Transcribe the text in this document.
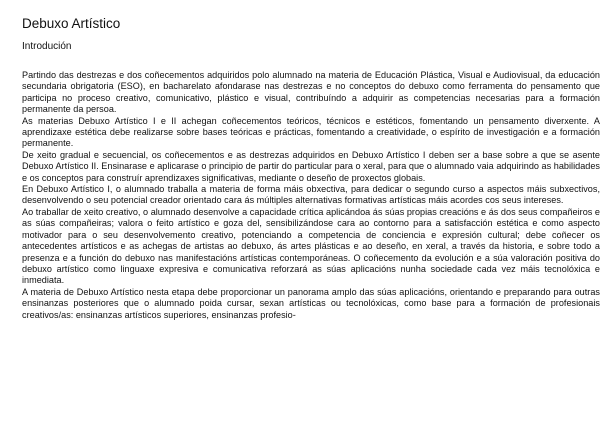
Debuxo Artístico
Introdución

Partindo das destrezas e dos coñecementos adquiridos polo alumnado na materia de Educación Plástica, Visual e Audiovisual, da educación secundaria obrigatoria (ESO), en bacharelato afondarase nas destrezas e no conceptos do debuxo como ferramenta do pensamento que participa no proceso creativo, comunicativo, plástico e visual, contribuíndo a adquirir as competencias necesarias para a formación permanente da persoa.

As materias Debuxo Artístico I e II achegan coñecementos teóricos, técnicos e estéticos, fomentando un pensamento diverxente. A aprendizaxe estética debe realizarse sobre bases teóricas e prácticas, fomentando a creatividade, o espírito de investigación e a formación permanente.

De xeito gradual e secuencial, os coñecementos e as destrezas adquiridos en Debuxo Artístico I deben ser a base sobre a que se asente Debuxo Artístico II. Ensinarase e aplicarase o principio de partir do particular para o xeral, para que o alumnado vaia adquirindo as habilidades e os conceptos para construír aprendizaxes significativas, mediante o deseño de proxectos globais.

En Debuxo Artístico I, o alumnado traballa a materia de forma máis obxectiva, para dedicar o segundo curso a aspectos máis subxectivos, desenvolvendo o seu potencial creador orientado cara ás múltiples alternativas formativas artísticas máis acordes cos seus intereses.

Ao traballar de xeito creativo, o alumnado desenvolve a capacidade crítica aplicándoa ás súas propias creacións e ás dos seus compañeiros e as súas compañeiras; valora o feito artístico e goza del, sensibilizándose cara ao contorno para a satisfacción estética e como aspecto motivador para o seu desenvolvemento creativo, potenciando a competencia de conciencia e expresión cultural; debe coñecer os antecedentes artísticos e as achegas de artistas ao debuxo, ás artes plásticas e ao deseño, en xeral, a través da historia, e sobre todo a presenza e a función do debuxo nas manifestacións artísticas contemporáneas. O coñecemento da evolución e a súa valoración positiva do debuxo artístico como linguaxe expresiva e comunicativa reforzará as súas aplicacións nunha sociedade cada vez máis tecnolóxica e inmediata.

A materia de Debuxo Artístico nesta etapa debe proporcionar un panorama amplo das súas aplicacións, orientando e preparando para outras ensinanzas posteriores que o alumnado poida cursar, sexan artísticas ou tecnolóxicas, como base para a formación de profesionais creativos/as: ensinanzas artísticos superiores, ensinanzas profesio-
